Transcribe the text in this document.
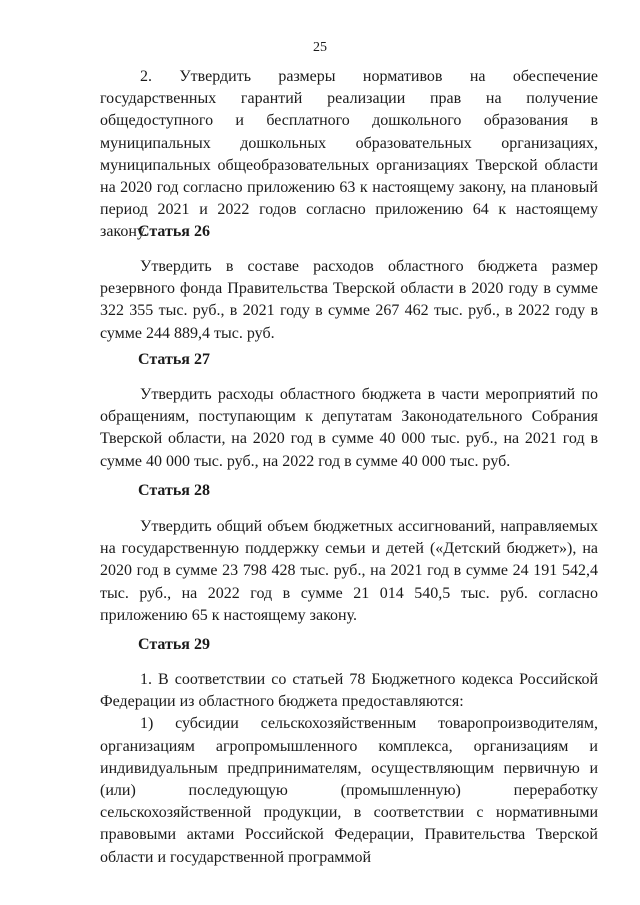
25

2. Утвердить размеры нормативов на обеспечение государственных гарантий реализации прав на получение общедоступного и бесплатного дошкольного образования в муниципальных дошкольных образовательных организациях, муниципальных общеобразовательных организациях Тверской области на 2020 год согласно приложению 63 к настоящему закону, на плановый период 2021 и 2022 годов согласно приложению 64 к настоящему закону.

Статья 26

Утвердить в составе расходов областного бюджета размер резервного фонда Правительства Тверской области в 2020 году в сумме 322 355 тыс. руб., в 2021 году в сумме 267 462 тыс. руб., в 2022 году в сумме 244 889,4 тыс. руб.

Статья 27

Утвердить расходы областного бюджета в части мероприятий по обращениям, поступающим к депутатам Законодательного Собрания Тверской области, на 2020 год в сумме 40 000 тыс. руб., на 2021 год в сумме 40 000 тыс. руб., на 2022 год в сумме 40 000 тыс. руб.

Статья 28

Утвердить общий объем бюджетных ассигнований, направляемых на государственную поддержку семьи и детей («Детский бюджет»), на 2020 год в сумме 23 798 428 тыс. руб., на 2021 год в сумме 24 191 542,4 тыс. руб., на 2022 год в сумме 21 014 540,5 тыс. руб. согласно приложению 65 к настоящему закону.

Статья 29

1. В соответствии со статьей 78 Бюджетного кодекса Российской Федерации из областного бюджета предоставляются:

1) субсидии сельскохозяйственным товаропроизводителям, организациям агропромышленного комплекса, организациям и индивидуальным предпринимателям, осуществляющим первичную и (или) последующую (промышленную) переработку сельскохозяйственной продукции, в соответствии с нормативными правовыми актами Российской Федерации, Правительства Тверской области и государственной программой
